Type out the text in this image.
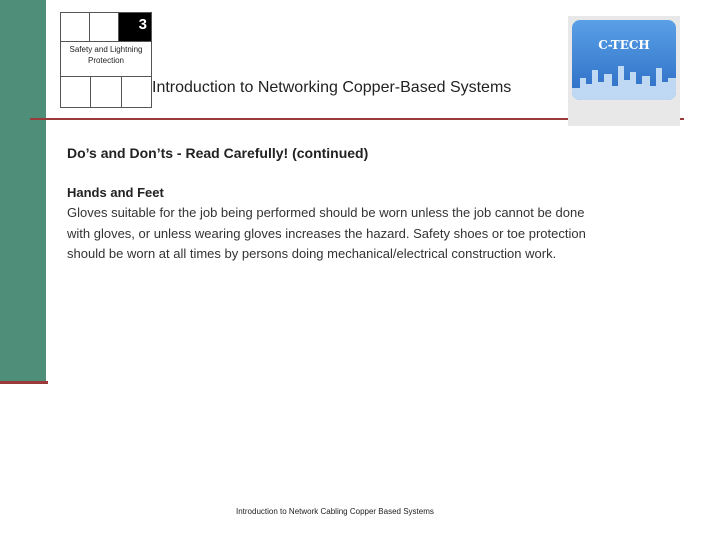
3
Safety and Lightning Protection
Introduction to Networking Copper-Based Systems
C-TECH
Do’s and Don’ts - Read Carefully! (continued)
Hands and Feet
Gloves suitable for the job being performed should be worn unless the job cannot be done with gloves, or unless wearing gloves increases the hazard. Safety shoes or toe protection should be worn at all times by persons doing mechanical/electrical construction work.
Introduction to Network Cabling Copper Based Systems
